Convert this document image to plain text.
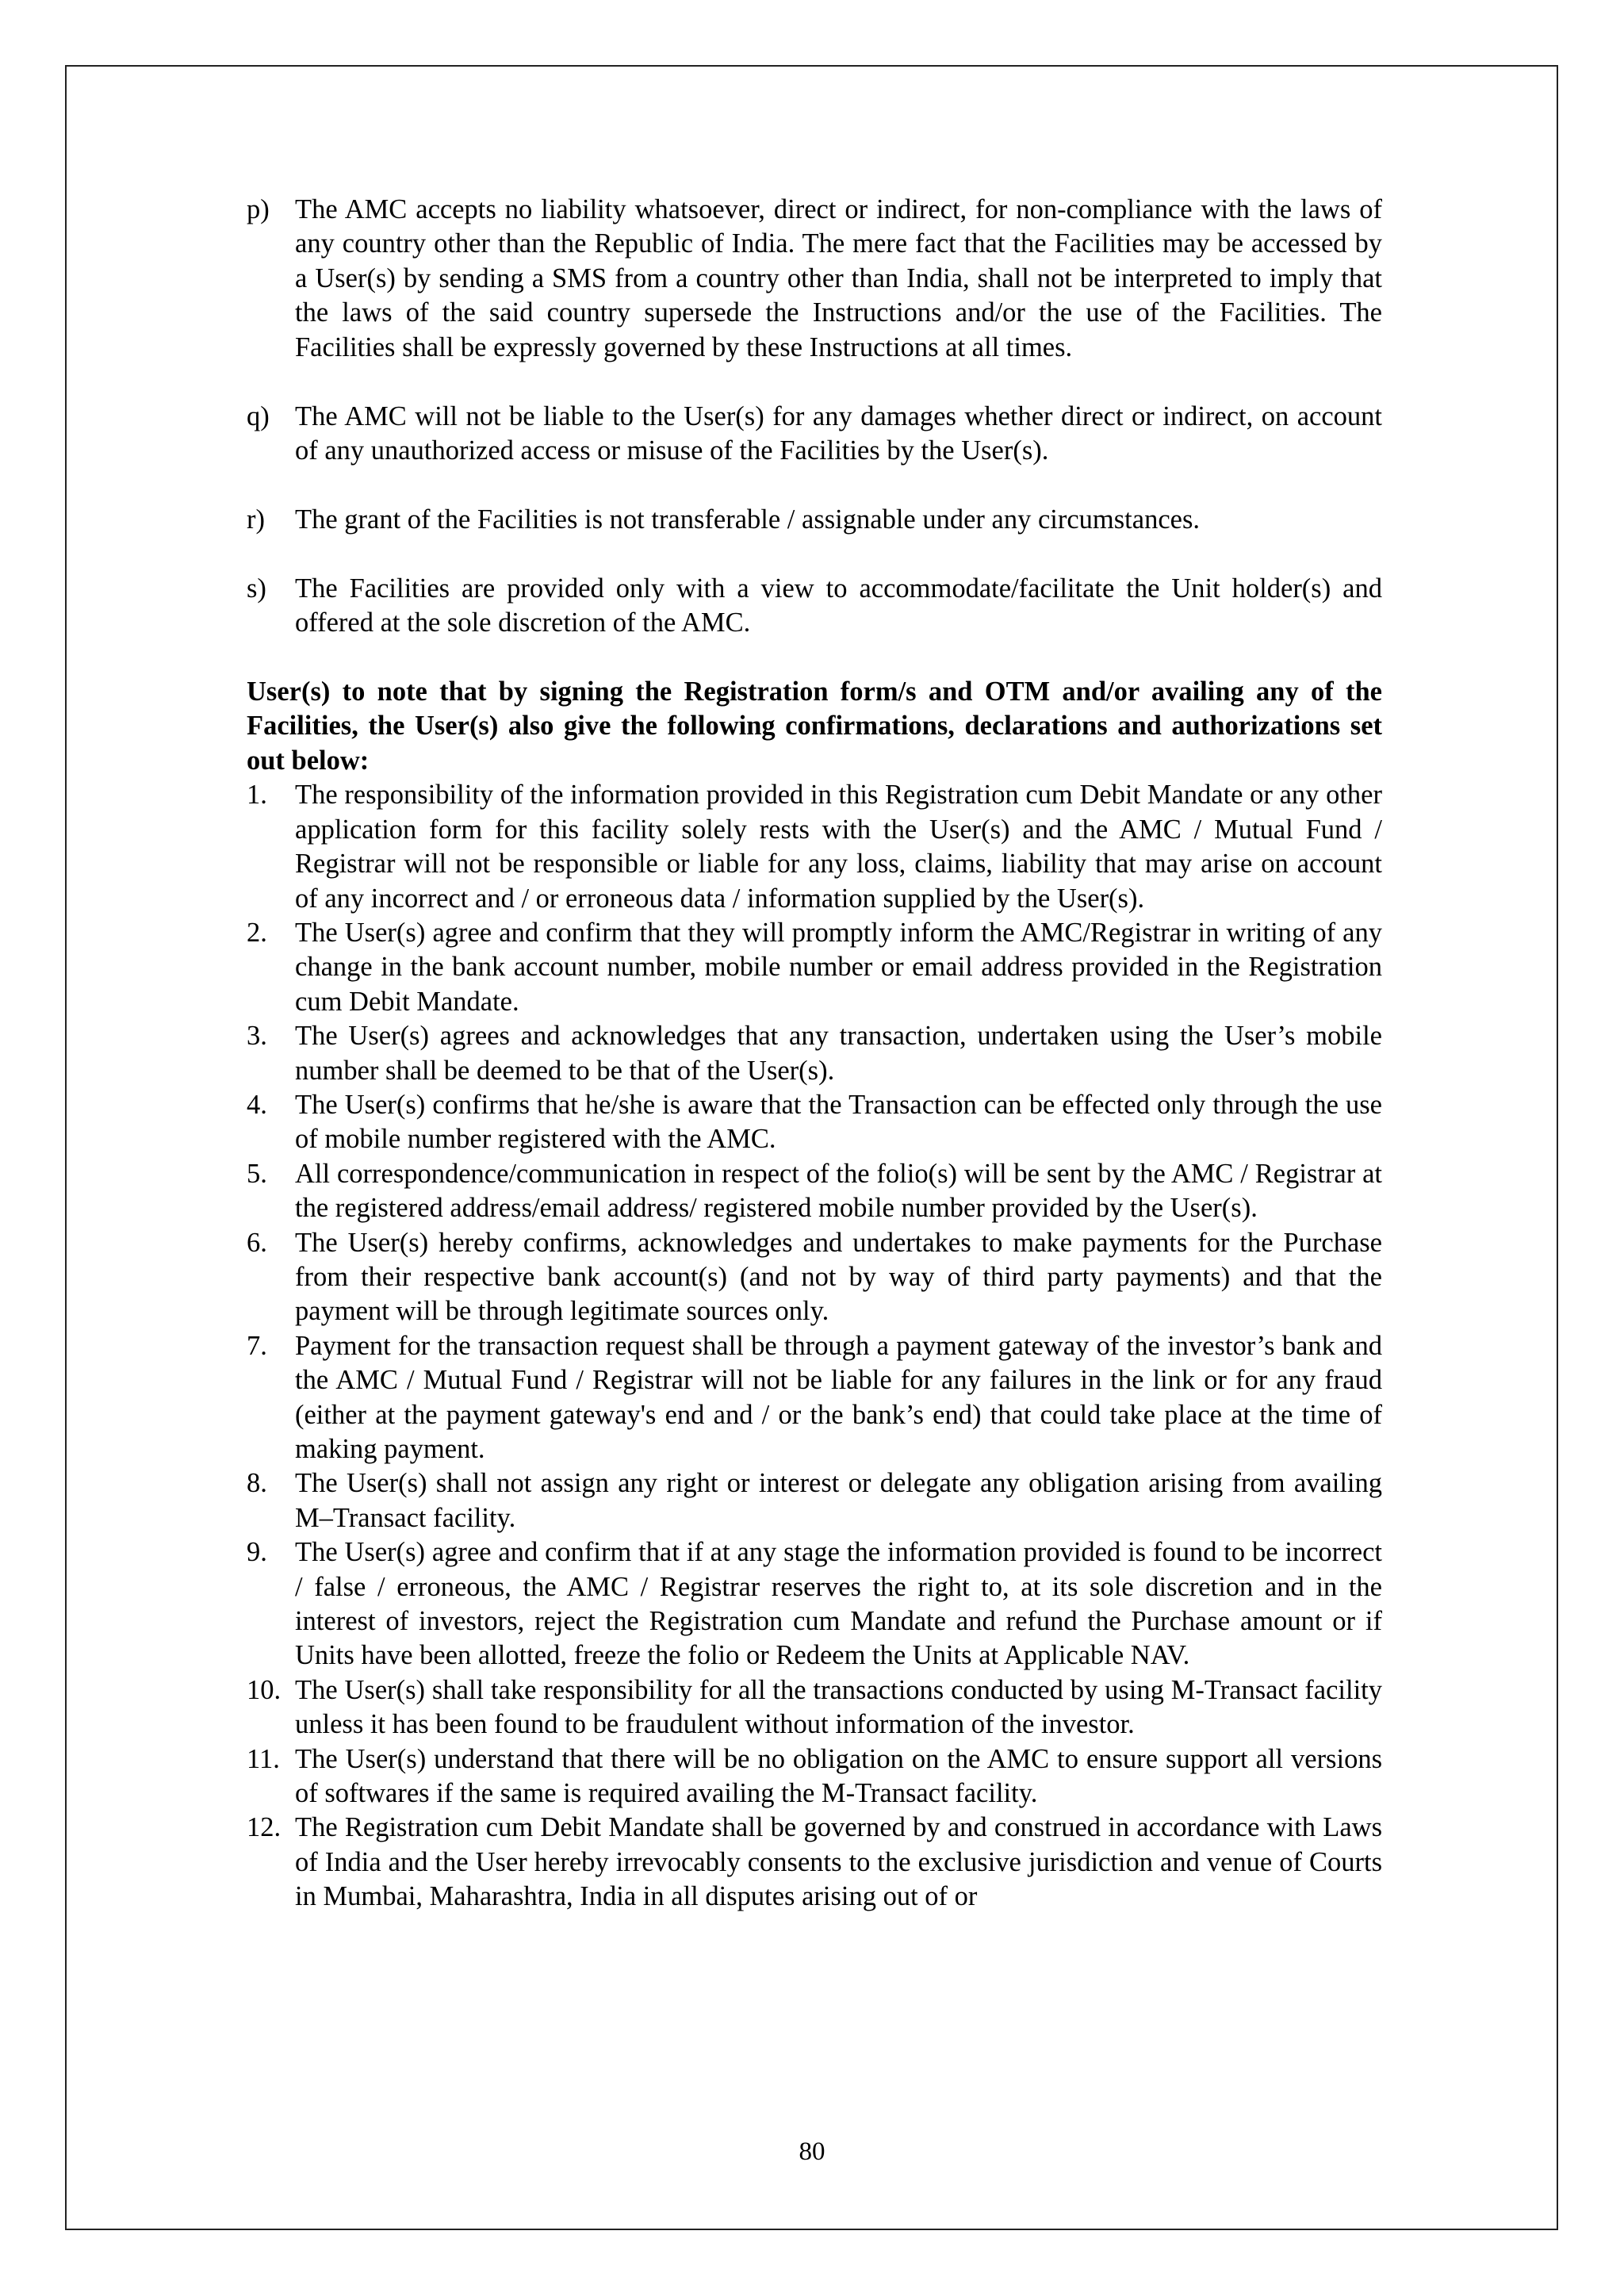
p) The AMC accepts no liability whatsoever, direct or indirect, for non-compliance with the laws of any country other than the Republic of India. The mere fact that the Facilities may be accessed by a User(s) by sending a SMS from a country other than India, shall not be interpreted to imply that the laws of the said country supersede the Instructions and/or the use of the Facilities. The Facilities shall be expressly governed by these Instructions at all times.
q) The AMC will not be liable to the User(s) for any damages whether direct or indirect, on account of any unauthorized access or misuse of the Facilities by the User(s).
r) The grant of the Facilities is not transferable / assignable under any circumstances.
s) The Facilities are provided only with a view to accommodate/facilitate the Unit holder(s) and offered at the sole discretion of the AMC.
User(s) to note that by signing the Registration form/s and OTM and/or availing any of the Facilities, the User(s) also give the following confirmations, declarations and authorizations set out below:
1.	The responsibility of the information provided in this Registration cum Debit Mandate or any other application form for this facility solely rests with the User(s) and the AMC / Mutual Fund / Registrar will not be responsible or liable for any loss, claims, liability that may arise on account of any incorrect and / or erroneous data / information supplied by the User(s).
2.	The User(s) agree and confirm that they will promptly inform the AMC/Registrar in writing of any change in the bank account number, mobile number or email address provided in the Registration cum Debit Mandate.
3.	The User(s) agrees and acknowledges that any transaction, undertaken using the User’s mobile number shall be deemed to be that of the User(s).
4.	The User(s) confirms that he/she is aware that the Transaction can be effected only through the use of mobile number registered with the AMC.
5.	All correspondence/communication in respect of the folio(s) will be sent by the AMC / Registrar at the registered address/email address/ registered mobile number provided by the User(s).
6.	The User(s) hereby confirms, acknowledges and undertakes to make payments for the Purchase from their respective bank account(s) (and not by way of third party payments) and that the payment will be through legitimate sources only.
7.	Payment for the transaction request shall be through a payment gateway of the investor’s bank and the AMC / Mutual Fund / Registrar will not be liable for any failures in the link or for any fraud (either at the payment gateway's end and / or the bank’s end) that could take place at the time of making payment.
8.	The User(s) shall not assign any right or interest or delegate any obligation arising from availing M–Transact facility.
9.	The User(s) agree and confirm that if at any stage the information provided is found to be incorrect / false / erroneous, the AMC / Registrar reserves the right to, at its sole discretion and in the interest of investors, reject the Registration cum Mandate and refund the Purchase amount or if Units have been allotted, freeze the folio or Redeem the Units at Applicable NAV.
10. The User(s) shall take responsibility for all the transactions conducted by using M-Transact facility unless it has been found to be fraudulent without information of the investor.
11. The User(s) understand that there will be no obligation on the AMC to ensure support all versions of softwares if the same is required availing the M-Transact facility.
12. The Registration cum Debit Mandate shall be governed by and construed in accordance with Laws of India and the User hereby irrevocably consents to the exclusive jurisdiction and venue of Courts in Mumbai, Maharashtra, India in all disputes arising out of or
80
